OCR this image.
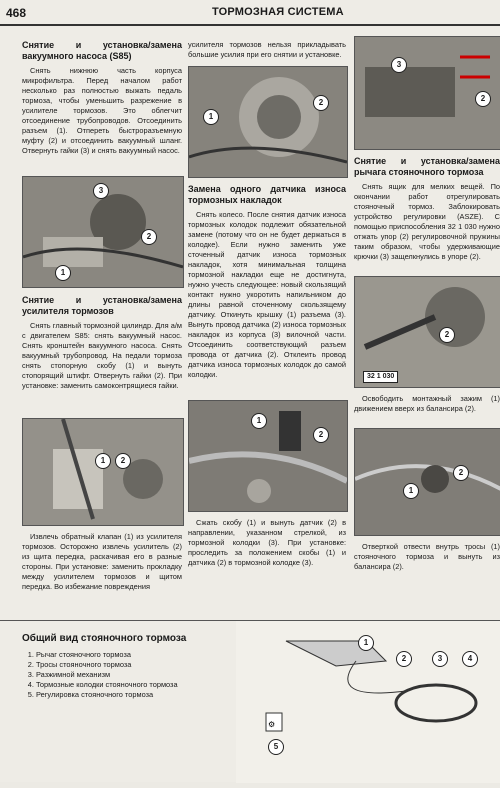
468	ТОРМОЗНАЯ СИСТЕМА
Снятие и установка/замена вакуумного насоса (S85)

Снять нижнюю часть корпуса микрофильтра. Перед началом работ несколько раз полностью выжать педаль тормоза, чтобы уменьшить разрежение в усилителе тормозов. Это облегчит отсоединение трубопроводов. Отсоединить разъем (1). Отпереть быстроразъемную муфту (2) и отсоединить вакуумный шланг. Отвернуть гайки (3) и снять вакуумный насос.

3
2
1
Снятие и установка/замена усилителя тормозов

Снять главный тормозной цилиндр. Для а/м с двигателем S85: снять вакуумный насос. Снять кронштейн вакуумного насоса. Снять вакуумный трубопровод. На педали тормоза снять стопорную скобу (1) и вынуть стопорящий штифт. Отвернуть гайки (2). При установке: заменить самоконтрящиеся гайки.

1	2

Извлечь обратный клапан (1) из усилителя тормозов. Осторожно извлечь усилитель (2) из щита передка, раскачивая его в разные стороны. При установке: заменить прокладку между усилителем тормозов и щитом передка. Во избежание повреждения

усилителя тормозов нельзя прикладывать большие усилия при его снятии и установке.

1
2
Замена одного датчика износа тормозных накладок

Снять колесо. После снятия датчик износа тормозных колодок подлежит обязательной замене (потому что он не будет держаться в колодке). Если нужно заменить уже сточенный датчик износа тормозных накладок, хотя минимальная толщина тормозной накладки еще не достигнута, нужно учесть следующее: новый скользящий контакт нужно укоротить напильником до длины равной сточенному скользящему датчику. Откинуть крышку (1) разъема (3). Вынуть провод датчика (2) износа тормозных накладок из корпуса (3) вилочной части. Отсоединить соответствующий разъем провода от датчика (2). Отклеить провод датчика износа тормозных колодок до самой колодки.

1
2

Сжать скобу (1) и вынуть датчик (2) в направлении, указанном стрелкой, из тормозной колодки (3). При установке: проследить за положением скобы (1) и датчика (2) в тормозной колодке (3).

3
2
Снятие и установка/замена рычага стояночного тормоза

Снять ящик для мелких вещей. По окончании работ отрегулировать стояночный тормоз. Заблокировать устройство регулировки (ASZE). С помощью приспособления 32 1 030 нужно отжать упор (2) регулировочной пружины таким образом, чтобы удерживающие крючки (3) защелкнулись в упоре (2).

2
32 1 030

Освободить монтажный зажим (1) движением вверх из балансира (2).

1
2

Отверткой отвести внутрь тросы (1) стояночного тормоза и вынуть из балансира (2).

Общий вид стояночного тормоза
1. Рычаг стояночного тормоза
2. Тросы стояночного тормоза
3. Разжимной механизм
4. Тормозные колодки стояночного тормоза
5. Регулировка стояночного тормоза
⚙
1
2	3	4
5
